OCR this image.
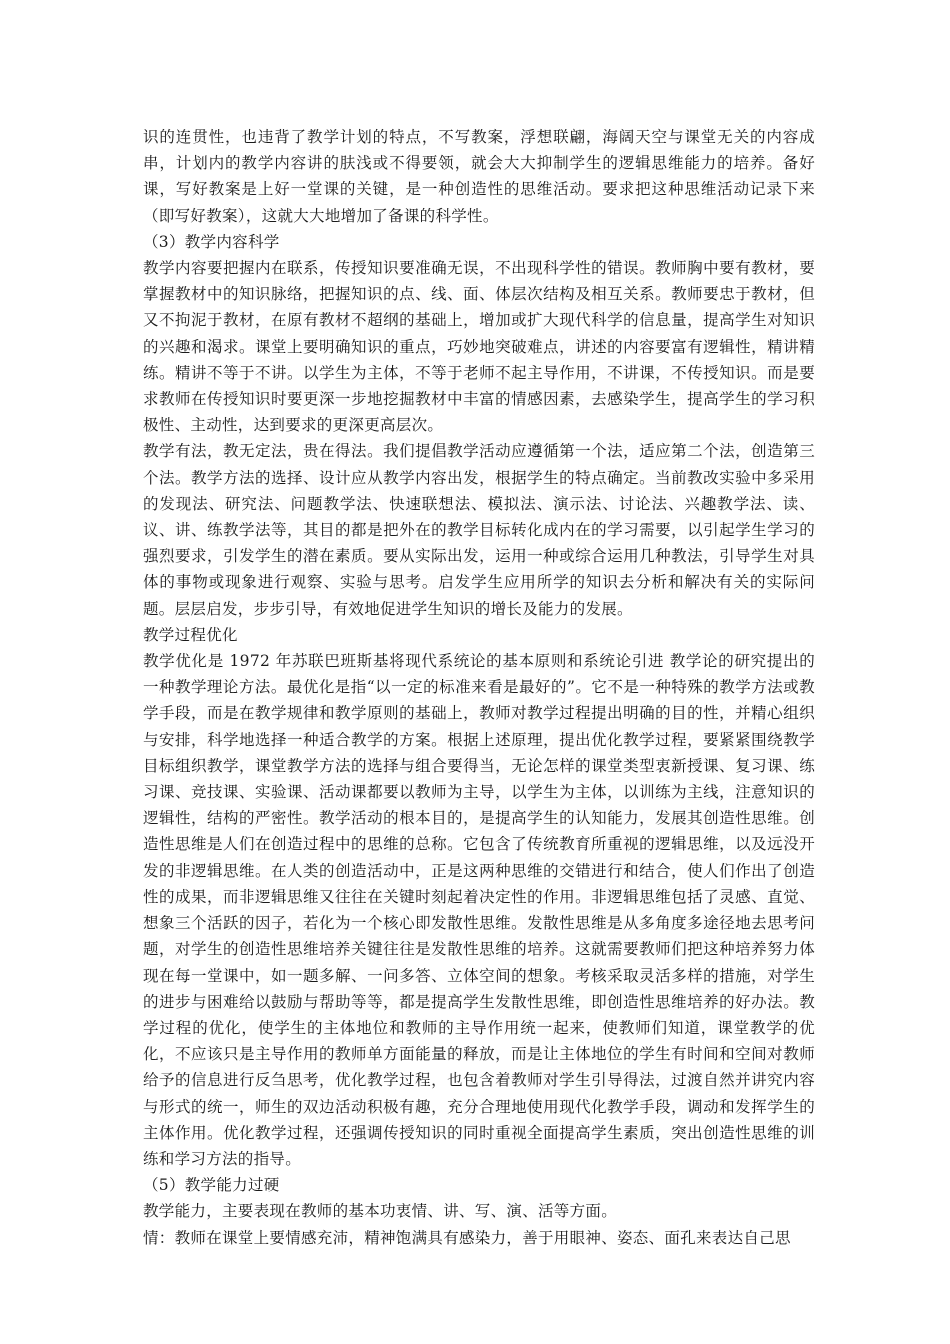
识的连贯性，也违背了教学计划的特点，不写教案，浮想联翩，海阔天空与课堂无关的内容成串，计划内的教学内容讲的肤浅或不得要领，就会大大抑制学生的逻辑思维能力的培养。备好课，写好教案是上好一堂课的关键，是一种创造性的思维活动。要求把这种思维活动记录下来（即写好教案），这就大大地增加了备课的科学性。

（3）教学内容科学

教学内容要把握内在联系，传授知识要准确无误，不出现科学性的错误。教师胸中要有教材，要掌握教材中的知识脉络，把握知识的点、线、面、体层次结构及相互关系。教师要忠于教材，但又不拘泥于教材，在原有教材不超纲的基础上，增加或扩大现代科学的信息量，提高学生对知识的兴趣和渴求。课堂上要明确知识的重点，巧妙地突破难点，讲述的内容要富有逻辑性，精讲精练。精讲不等于不讲。以学生为主体，不等于老师不起主导作用，不讲课，不传授知识。而是要求教师在传授知识时要更深一步地挖掘教材中丰富的情感因素，去感染学生，提高学生的学习积极性、主动性，达到要求的更深更高层次。

教学有法，教无定法，贵在得法。我们提倡教学活动应遵循第一个法，适应第二个法，创造第三个法。教学方法的选择、设计应从教学内容出发，根据学生的特点确定。当前教改实验中多采用的发现法、研究法、问题教学法、快速联想法、模拟法、演示法、讨论法、兴趣教学法、读、议、讲、练教学法等，其目的都是把外在的教学目标转化成内在的学习需要，以引起学生学习的强烈要求，引发学生的潜在素质。要从实际出发，运用一种或综合运用几种教法，引导学生对具体的事物或现象进行观察、实验与思考。启发学生应用所学的知识去分析和解决有关的实际问题。层层启发，步步引导，有效地促进学生知识的增长及能力的发展。

教学过程优化

教学优化是 1972 年苏联巴班斯基将现代系统论的基本原则和系统论引进 教学论的研究提出的一种教学理论方法。最优化是指“以一定的标准来看是最好的”。它不是一种特殊的教学方法或教学手段，而是在教学规律和教学原则的基础上，教师对教学过程提出明确的目的性，并精心组织与安排，科学地选择一种适合教学的方案。根据上述原理，提出优化教学过程，要紧紧围绕教学目标组织教学，课堂教学方法的选择与组合要得当，无论怎样的课堂类型衷新授课、复习课、练习课、竞技课、实验课、活动课都要以教师为主导，以学生为主体，以训练为主线，注意知识的逻辑性，结构的严密性。教学活动的根本目的，是提高学生的认知能力，发展其创造性思维。创造性思维是人们在创造过程中的思维的总称。它包含了传统教育所重视的逻辑思维，以及远没开发的非逻辑思维。在人类的创造活动中，正是这两种思维的交错进行和结合，使人们作出了创造性的成果，而非逻辑思维又往往在关键时刻起着决定性的作用。非逻辑思维包括了灵感、直觉、想象三个活跃的因子，若化为一个核心即发散性思维。发散性思维是从多角度多途径地去思考问题，对学生的创造性思维培养关键往往是发散性思维的培养。这就需要教师们把这种培养努力体现在每一堂课中，如一题多解、一问多答、立体空间的想象。考核采取灵活多样的措施，对学生的进步与困难给以鼓励与帮助等等，都是提高学生发散性思维，即创造性思维培养的好办法。教学过程的优化，使学生的主体地位和教师的主导作用统一起来，使教师们知道，课堂教学的优化，不应该只是主导作用的教师单方面能量的释放，而是让主体地位的学生有时间和空间对教师给予的信息进行反刍思考，优化教学过程，也包含着教师对学生引导得法，过渡自然并讲究内容与形式的统一，师生的双边活动积极有趣，充分合理地使用现代化教学手段，调动和发挥学生的主体作用。优化教学过程，还强调传授知识的同时重视全面提高学生素质，突出创造性思维的训练和学习方法的指导。

（5）教学能力过硬

教学能力，主要表现在教师的基本功衷情、讲、写、演、活等方面。

情：教师在课堂上要情感充沛，精神饱满具有感染力，善于用眼神、姿态、面孔来表达自己思
